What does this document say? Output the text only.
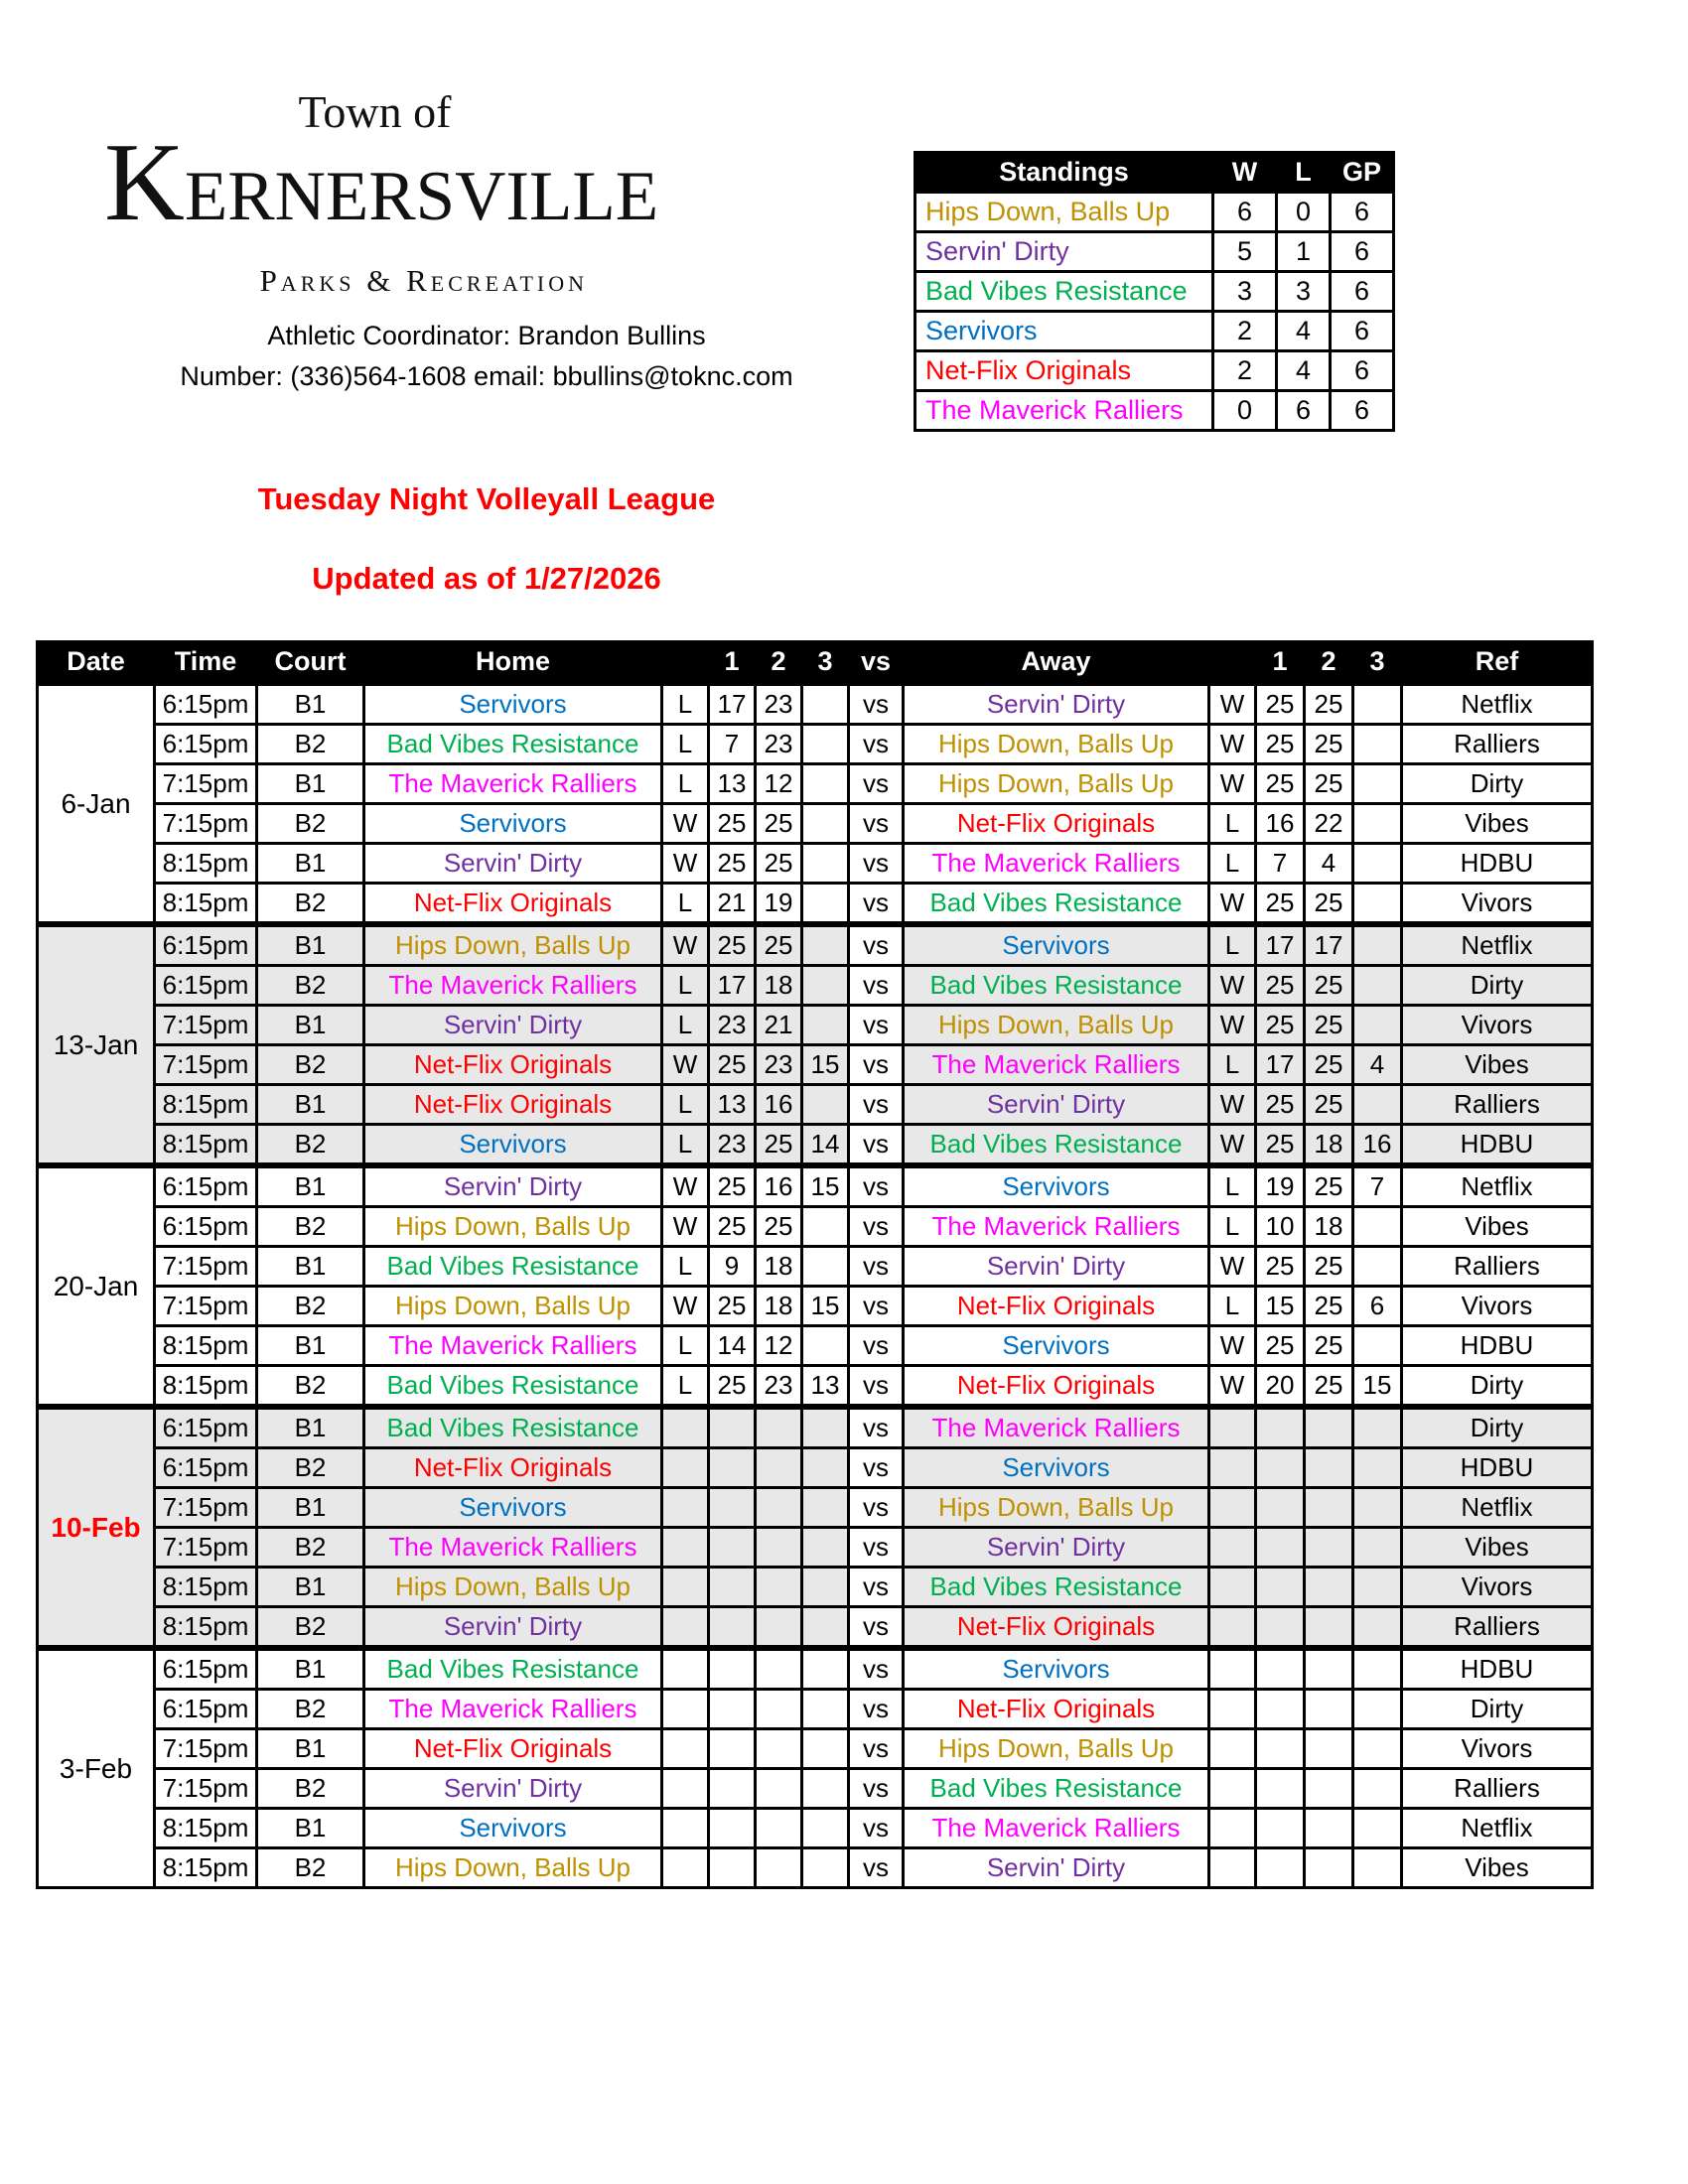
Town of
KERNERSVILLE
Parks & Recreation
Athletic Coordinator: Brandon Bullins
Number: (336)564-1608 email: bbullins@toknc.com
Tuesday Night Volleyall League
Updated as of 1/27/2026
Standings	W	L	GP
Hips Down, Balls Up	6	0	6
Servin' Dirty	5	1	6
Bad Vibes Resistance	3	3	6
Servivors	2	4	6
Net-Flix Originals	2	4	6
The Maverick Ralliers	0	6	6
Date	Time	Court	Home		1	2	3	vs	Away		1	2	3	Ref
6-Jan	6:15pm	B1	Servivors	L	17	23		vs	Servin' Dirty	W	25	25		Netflix
	6:15pm	B2	Bad Vibes Resistance	L	7	23		vs	Hips Down, Balls Up	W	25	25		Ralliers
	7:15pm	B1	The Maverick Ralliers	L	13	12		vs	Hips Down, Balls Up	W	25	25		Dirty
	7:15pm	B2	Servivors	W	25	25		vs	Net-Flix Originals	L	16	22		Vibes
	8:15pm	B1	Servin' Dirty	W	25	25		vs	The Maverick Ralliers	L	7	4		HDBU
	8:15pm	B2	Net-Flix Originals	L	21	19		vs	Bad Vibes Resistance	W	25	25		Vivors
13-Jan	6:15pm	B1	Hips Down, Balls Up	W	25	25		vs	Servivors	L	17	17		Netflix
	6:15pm	B2	The Maverick Ralliers	L	17	18		vs	Bad Vibes Resistance	W	25	25		Dirty
	7:15pm	B1	Servin' Dirty	L	23	21		vs	Hips Down, Balls Up	W	25	25		Vivors
	7:15pm	B2	Net-Flix Originals	W	25	23	15	vs	The Maverick Ralliers	L	17	25	4	Vibes
	8:15pm	B1	Net-Flix Originals	L	13	16		vs	Servin' Dirty	W	25	25		Ralliers
	8:15pm	B2	Servivors	L	23	25	14	vs	Bad Vibes Resistance	W	25	18	16	HDBU
20-Jan	6:15pm	B1	Servin' Dirty	W	25	16	15	vs	Servivors	L	19	25	7	Netflix
	6:15pm	B2	Hips Down, Balls Up	W	25	25		vs	The Maverick Ralliers	L	10	18		Vibes
	7:15pm	B1	Bad Vibes Resistance	L	9	18		vs	Servin' Dirty	W	25	25		Ralliers
	7:15pm	B2	Hips Down, Balls Up	W	25	18	15	vs	Net-Flix Originals	L	15	25	6	Vivors
	8:15pm	B1	The Maverick Ralliers	L	14	12		vs	Servivors	W	25	25		HDBU
	8:15pm	B2	Bad Vibes Resistance	L	25	23	13	vs	Net-Flix Originals	W	20	25	15	Dirty
10-Feb	6:15pm	B1	Bad Vibes Resistance					vs	The Maverick Ralliers					Dirty
	6:15pm	B2	Net-Flix Originals					vs	Servivors					HDBU
	7:15pm	B1	Servivors					vs	Hips Down, Balls Up					Netflix
	7:15pm	B2	The Maverick Ralliers					vs	Servin' Dirty					Vibes
	8:15pm	B1	Hips Down, Balls Up					vs	Bad Vibes Resistance					Vivors
	8:15pm	B2	Servin' Dirty					vs	Net-Flix Originals					Ralliers
3-Feb	6:15pm	B1	Bad Vibes Resistance					vs	Servivors					HDBU
	6:15pm	B2	The Maverick Ralliers					vs	Net-Flix Originals					Dirty
	7:15pm	B1	Net-Flix Originals					vs	Hips Down, Balls Up					Vivors
	7:15pm	B2	Servin' Dirty					vs	Bad Vibes Resistance					Ralliers
	8:15pm	B1	Servivors					vs	The Maverick Ralliers					Netflix
	8:15pm	B2	Hips Down, Balls Up					vs	Servin' Dirty					Vibes
